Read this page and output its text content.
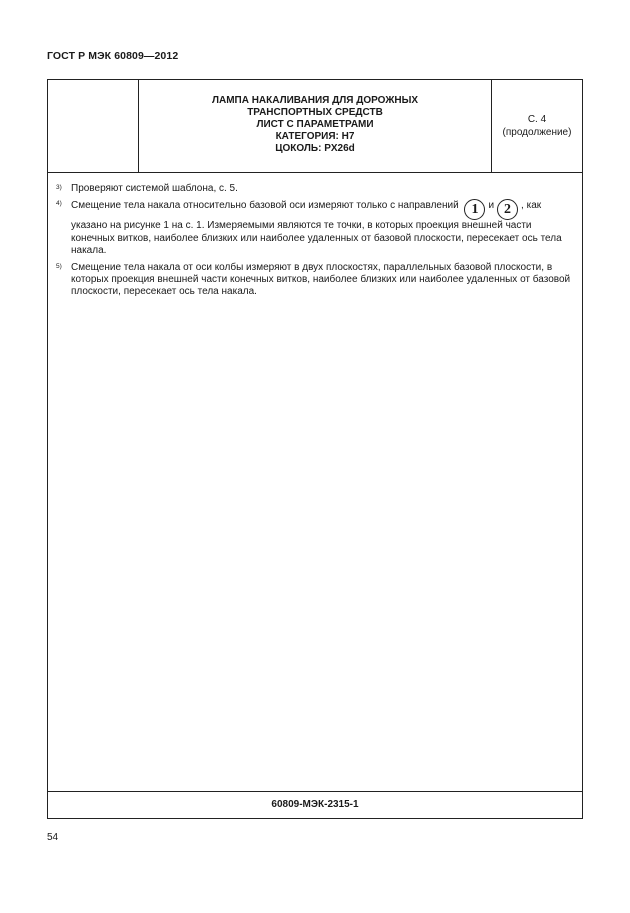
ГОСТ Р МЭК 60809—2012
ЛАМПА НАКАЛИВАНИЯ ДЛЯ ДОРОЖНЫХ
ТРАНСПОРТНЫХ СРЕДСТВ
ЛИСТ С ПАРАМЕТРАМИ
КАТЕГОРИЯ: H7
ЦОКОЛЬ: PX26d
С. 4
(продолжение)
3) Проверяют системой шаблона, с. 5.
4) Смещение тела накала относительно базовой оси измеряют только с направлений 1 и 2 , как указано на рисунке 1 на с. 1. Измеряемыми являются те точки, в которых проекция внешней части конечных витков, наиболее близких или наиболее удаленных от базовой плоскости, пересекает ось тела накала.
5) Смещение тела накала от оси колбы измеряют в двух плоскостях, параллельных базовой плоскости, в которых проекция внешней части конечных витков, наиболее близких или наиболее удаленных от базовой плоскости, пересекает ось тела накала.
60809-МЭК-2315-1
54
